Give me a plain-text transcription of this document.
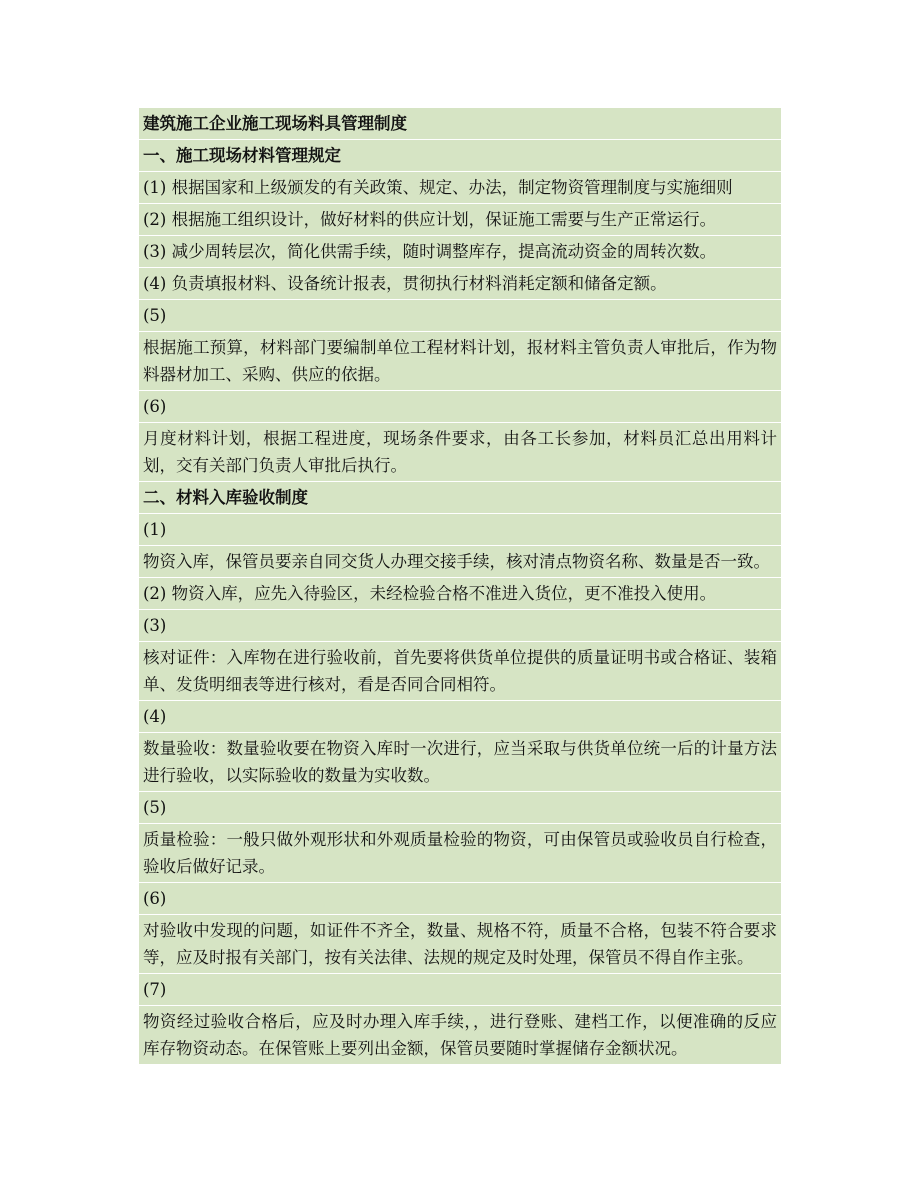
建筑施工企业施工现场料具管理制度
一、施工现场材料管理规定
(1) 根据国家和上级颁发的有关政策、规定、办法，制定物资管理制度与实施细则
(2) 根据施工组织设计，做好材料的供应计划，保证施工需要与生产正常运行。
(3) 减少周转层次，简化供需手续，随时调整库存，提高流动资金的周转次数。
(4) 负责填报材料、设备统计报表，贯彻执行材料消耗定额和储备定额。
(5)
根据施工预算，材料部门要编制单位工程材料计划，报材料主管负责人审批后，作为物料器材加工、采购、供应的依据。
(6)
月度材料计划，根据工程进度，现场条件要求，由各工长参加，材料员汇总出用料计划，交有关部门负责人审批后执行。
二、材料入库验收制度
(1)
物资入库，保管员要亲自同交货人办理交接手续，核对清点物资名称、数量是否一致。
(2) 物资入库，应先入待验区，未经检验合格不准进入货位，更不准投入使用。
(3)
核对证件：入库物在进行验收前，首先要将供货单位提供的质量证明书或合格证、装箱单、发货明细表等进行核对，看是否同合同相符。
(4)
数量验收：数量验收要在物资入库时一次进行，应当采取与供货单位统一后的计量方法进行验收，以实际验收的数量为实收数。
(5)
质量检验：一般只做外观形状和外观质量检验的物资，可由保管员或验收员自行检查，验收后做好记录。
(6)
对验收中发现的问题，如证件不齐全，数量、规格不符，质量不合格，包装不符合要求等，应及时报有关部门，按有关法律、法规的规定及时处理，保管员不得自作主张。
(7)
物资经过验收合格后，应及时办理入库手续，，进行登账、建档工作，以便准确的反应库存物资动态。在保管账上要列出金额，保管员要随时掌握储存金额状况。
